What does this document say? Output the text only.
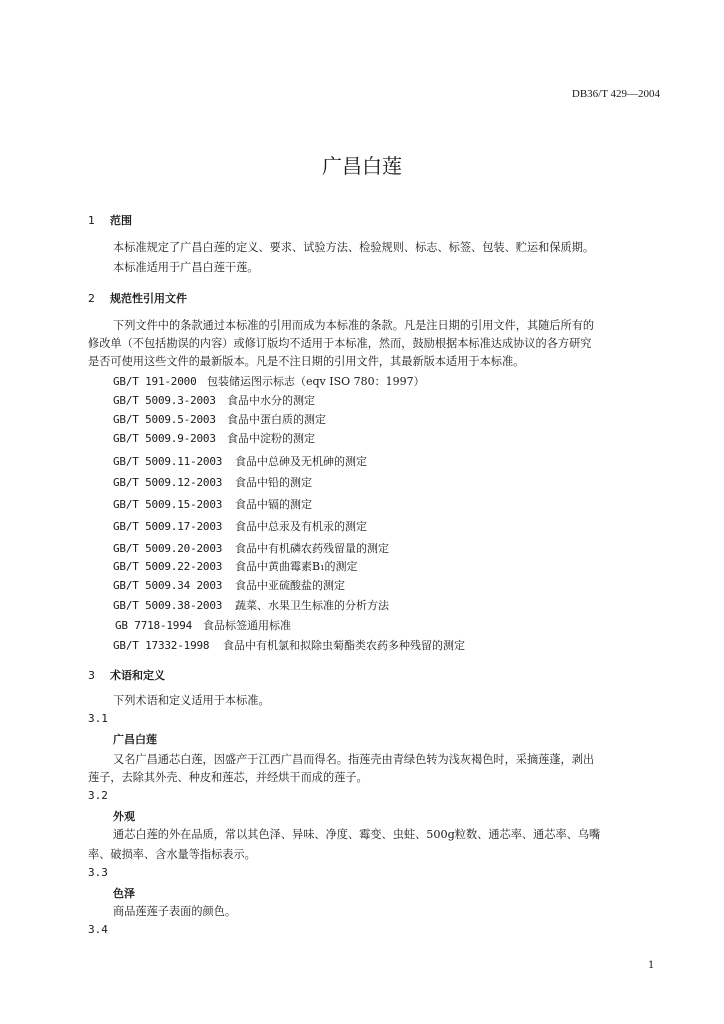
DB36/T 429—2004
广昌白莲
1 范围
本标准规定了广昌白莲的定义、要求、试验方法、检验规则、标志、标签、包装、贮运和保质期。
本标准适用于广昌白莲干莲。
2 规范性引用文件
下列文件中的条款通过本标准的引用而成为本标准的条款。凡是注日期的引用文件，其随后所有的
修改单（不包括勘误的内容）或修订版均不适用于本标准，然而，鼓励根据本标准达成协议的各方研究
是否可使用这些文件的最新版本。凡是不注日期的引用文件，其最新版本适用于本标准。
GB/T 191-2000 包装储运图示标志（eqv ISO 780：1997）
GB/T 5009.3-2003 食品中水分的测定
GB/T 5009.5-2003 食品中蛋白质的测定
GB/T 5009.9-2003 食品中淀粉的测定
GB/T 5009.11-2003 食品中总砷及无机砷的测定
GB/T 5009.12-2003 食品中铅的测定
GB/T 5009.15-2003 食品中镉的测定
GB/T 5009.17-2003 食品中总汞及有机汞的测定
GB/T 5009.20-2003 食品中有机磷农药残留量的测定
GB/T 5009.22-2003 食品中黄曲霉素B₁的测定
GB/T 5009.34 2003 食品中亚硫酸盐的测定
GB/T 5009.38-2003 蔬菜、水果卫生标准的分析方法
GB 7718-1994 食品标签通用标准
GB/T 17332-1998 食品中有机氯和拟除虫菊酯类农药多种残留的测定
3 术语和定义
下列术语和定义适用于本标准。
3.1
广昌白莲
又名广昌通芯白莲，因盛产于江西广昌而得名。指莲壳由青绿色转为浅灰褐色时，采摘莲蓬，剥出
莲子，去除其外壳、种皮和莲芯，并经烘干而成的莲子。
3.2
外观
通芯白莲的外在品质，常以其色泽、异味、净度、霉变、虫蛀、500g粒数、通芯率、通芯率、乌嘴
率、破损率、含水量等指标表示。
3.3
色泽
商品莲莲子表面的颜色。
3.4
1
